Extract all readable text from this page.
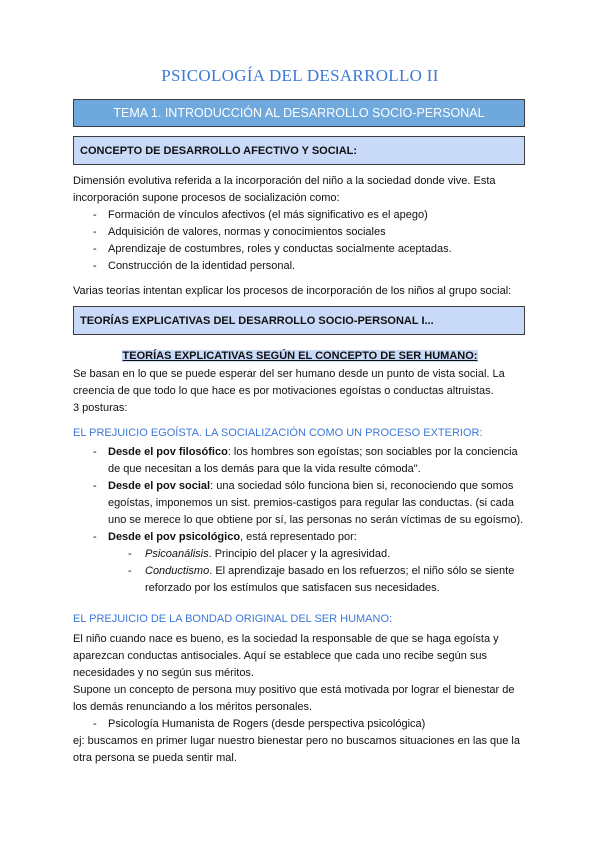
PSICOLOGÍA DEL DESARROLLO II
TEMA 1. INTRODUCCIÓN AL DESARROLLO SOCIO-PERSONAL
CONCEPTO DE DESARROLLO AFECTIVO Y SOCIAL:
Dimensión evolutiva referida a la incorporación del niño a la sociedad donde vive. Esta
incorporación supone procesos de socialización como:
- Formación de vínculos afectivos (el más significativo es el apego)
- Adquisición de valores, normas y conocimientos sociales
- Aprendizaje de costumbres, roles y conductas socialmente aceptadas.
- Construcción de la identidad personal.
Varias teorías intentan explicar los procesos de incorporación de los niños al grupo social:
TEORÍAS EXPLICATIVAS DEL DESARROLLO SOCIO-PERSONAL I...
TEORÍAS EXPLICATIVAS SEGÚN EL CONCEPTO DE SER HUMANO:
Se basan en lo que se puede esperar del ser humano desde un punto de vista social. La
creencia de que todo lo que hace es por motivaciones egoístas o conductas altruistas.
3 posturas:
EL PREJUICIO EGOÍSTA. LA SOCIALIZACIÓN COMO UN PROCESO EXTERIOR:
- Desde el pov filosófico: los hombres son egoístas; son sociables por la conciencia
de que necesitan a los demás para que la vida resulte cómoda".
- Desde el pov social: una sociedad sólo funciona bien si, reconociendo que somos
egoístas, imponemos un sist. premios-castigos para regular las conductas. (si cada
uno se merece lo que obtiene por sí, las personas no serán víctimas de su egoísmo).
- Desde el pov psicológico, está representado por:
- Psicoanálisis. Principio del placer y la agresividad.
- Conductismo. El aprendizaje basado en los refuerzos; el niño sólo se siente
reforzado por los estímulos que satisfacen sus necesidades.
EL PREJUICIO DE LA BONDAD ORIGINAL DEL SER HUMANO:
El niño cuando nace es bueno, es la sociedad la responsable de que se haga egoísta y
aparezcan conductas antisociales. Aquí se establece que cada uno recibe según sus
necesidades y no según sus méritos.
Supone un concepto de persona muy positivo que está motivada por lograr el bienestar de
los demás renunciando a los méritos personales.
- Psicología Humanista de Rogers (desde perspectiva psicológica)
ej: buscamos en primer lugar nuestro bienestar pero no buscamos situaciones en las que la
otra persona se pueda sentir mal.
